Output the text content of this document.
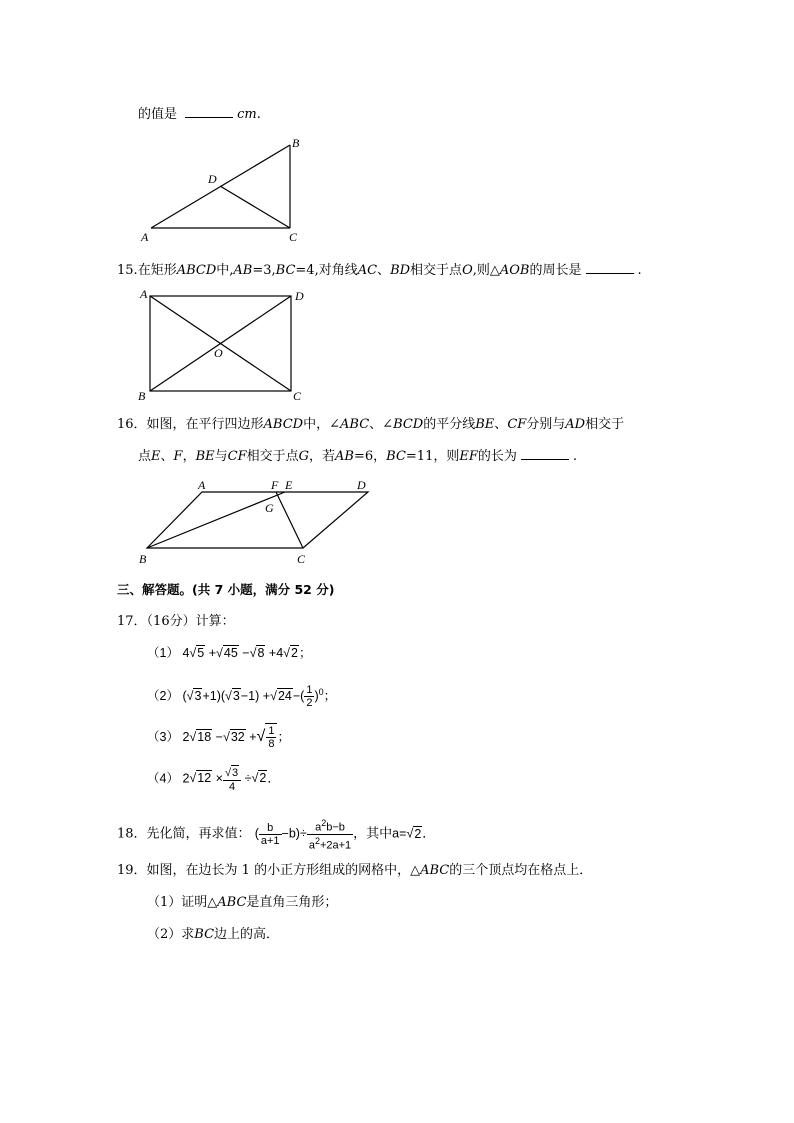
的值是	cm.
A
B
C
D
15.在矩形ABCD中,AB=3,BC=4,对角线AC、BD相交于点O,则△AOB的周长是	.
A	D
B	C
O
16．如图，在平行四边形ABCD中，∠ABC、∠BCD的平分线BE、CF分别与AD相交于
点E、F，BE与CF相交于点G，若AB=6，BC=11，则EF的长为	.
A	F E	D
G
B	C
三、解答题。(共 7 小题，满分 52 分)
17．（16分）计算：
（1） 4√5 +√45 −√8 +4√2；
（2） $(√3+1)(√3-1) +√24-( \frac{1}{2} )^0$；
（3） 2√18 −√32 +√ $\frac{1}{8}$ ；
（4） $2√12 \times \frac{√3}{4} \div√2$．
18．先化简，再求值： ( $\frac{b}{a+1} -b)\div \frac{a^2b-b}{a^2+2a+1}$ ，其中a=√2．
19．如图，在边长为 1 的小正方形组成的网格中，△ABC的三个顶点均在格点上．
（1）证明△ABC是直角三角形；
（2）求BC边上的高．
